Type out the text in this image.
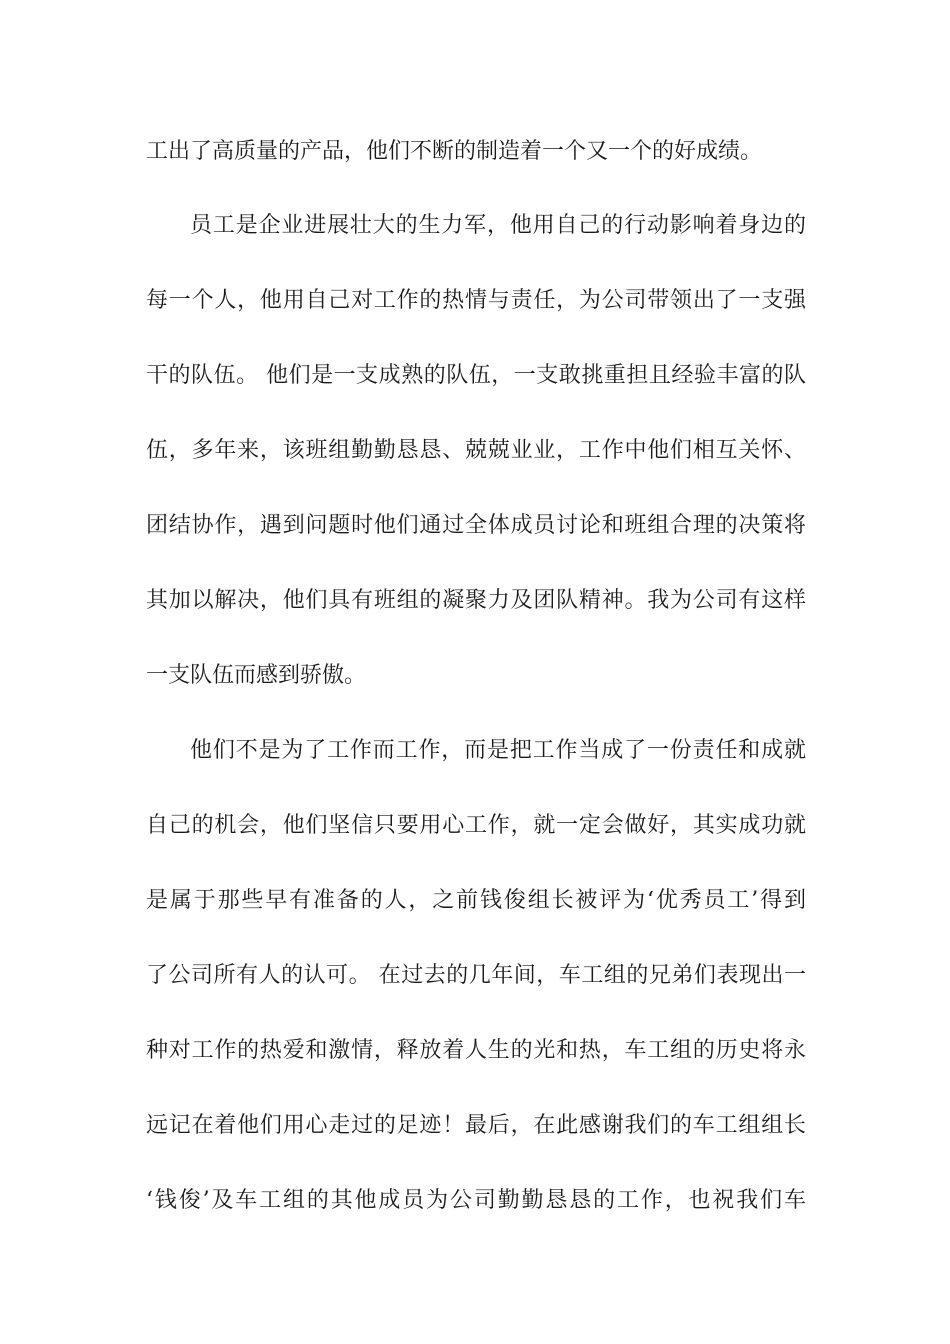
工出了高质量的产品，他们不断的制造着一个又一个的好成绩。
员工是企业进展壮大的生力军，他用自己的行动影响着身边的
每一个人，他用自己对工作的热情与责任，为公司带领出了一支强
干的队伍。 他们是一支成熟的队伍，一支敢挑重担且经验丰富的队
伍，多年来，该班组勤勤恳恳、兢兢业业，工作中他们相互关怀、
团结协作，遇到问题时他们通过全体成员讨论和班组合理的决策将
其加以解决，他们具有班组的凝聚力及团队精神。我为公司有这样
一支队伍而感到骄傲。
他们不是为了工作而工作，而是把工作当成了一份责任和成就
自己的机会，他们坚信只要用心工作，就一定会做好，其实成功就
是属于那些早有准备的人，之前钱俊组长被评为‘优秀员工’得到
了公司所有人的认可。 在过去的几年间，车工组的兄弟们表现出一
种对工作的热爱和激情，释放着人生的光和热，车工组的历史将永
远记在着他们用心走过的足迹！最后，在此感谢我们的车工组组长
‘钱俊’及车工组的其他成员为公司勤勤恳恳的工作，也祝我们车
